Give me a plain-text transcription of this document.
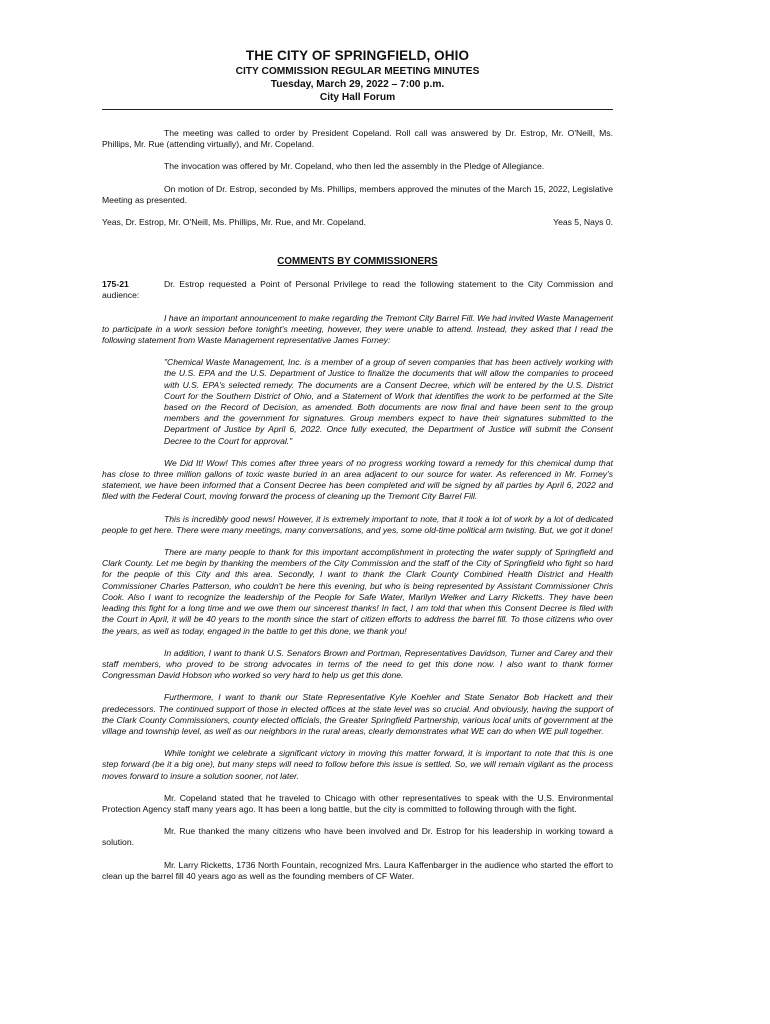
THE CITY OF SPRINGFIELD, OHIO
CITY COMMISSION REGULAR MEETING MINUTES
Tuesday, March 29, 2022 – 7:00 p.m.
City Hall Forum

The meeting was called to order by President Copeland. Roll call was answered by Dr. Estrop, Mr. O'Neill, Ms. Phillips, Mr. Rue (attending virtually), and Mr. Copeland.

The invocation was offered by Mr. Copeland, who then led the assembly in the Pledge of Allegiance.

On motion of Dr. Estrop, seconded by Ms. Phillips, members approved the minutes of the March 15, 2022, Legislative Meeting as presented.

Yeas, Dr. Estrop, Mr. O'Neill, Ms. Phillips, Mr. Rue, and Mr. Copeland.	Yeas 5, Nays 0.
COMMENTS BY COMMISSIONERS

175-21	Dr. Estrop requested a Point of Personal Privilege to read the following statement to the City Commission and audience:

I have an important announcement to make regarding the Tremont City Barrel Fill. We had invited Waste Management to participate in a work session before tonight's meeting, however, they were unable to attend. Instead, they asked that I read the following statement from Waste Management representative James Forney:

"Chemical Waste Management, Inc. is a member of a group of seven companies that has been actively working with the U.S. EPA and the U.S. Department of Justice to finalize the documents that will allow the companies to proceed with U.S. EPA's selected remedy. The documents are a Consent Decree, which will be entered by the U.S. District Court for the Southern District of Ohio, and a Statement of Work that identifies the work to be performed at the Site based on the Record of Decision, as amended. Both documents are now final and have been sent to the group members and the government for signatures. Group members expect to have their signatures submitted to the Department of Justice by April 6, 2022. Once fully executed, the Department of Justice will submit the Consent Decree to the Court for approval."

We Did It! Wow! This comes after three years of no progress working toward a remedy for this chemical dump that has close to three million gallons of toxic waste buried in an area adjacent to our source for water. As referenced in Mr. Forney's statement, we have been informed that a Consent Decree has been completed and will be signed by all parties by April 6, 2022 and filed with the Federal Court, moving forward the process of cleaning up the Tremont City Barrel Fill.

This is incredibly good news! However, it is extremely important to note, that it took a lot of work by a lot of dedicated people to get here. There were many meetings, many conversations, and yes, some old-time political arm twisting. But, we got it done!

There are many people to thank for this important accomplishment in protecting the water supply of Springfield and Clark County. Let me begin by thanking the members of the City Commission and the staff of the City of Springfield who fight so hard for the people of this City and this area. Secondly, I want to thank the Clark County Combined Health District and Health Commissioner Charles Patterson, who couldn't be here this evening, but who is being represented by Assistant Commissioner Chris Cook. Also I want to recognize the leadership of the People for Safe Water, Marilyn Welker and Larry Ricketts. They have been leading this fight for a long time and we owe them our sincerest thanks! In fact, I am told that when this Consent Decree is filed with the Court in April, it will be 40 years to the month since the start of citizen efforts to address the barrel fill. To those citizens who over the years, as well as today, engaged in the battle to get this done, we thank you!

In addition, I want to thank U.S. Senators Brown and Portman, Representatives Davidson, Turner and Carey and their staff members, who proved to be strong advocates in terms of the need to get this done now. I also want to thank former Congressman David Hobson who worked so very hard to help us get this done.

Furthermore, I want to thank our State Representative Kyle Koehler and State Senator Bob Hackett and their predecessors. The continued support of those in elected offices at the state level was so crucial. And obviously, having the support of the Clark County Commissioners, county elected officials, the Greater Springfield Partnership, various local units of government at the village and township level, as well as our neighbors in the rural areas, clearly demonstrates what WE can do when WE pull together.

While tonight we celebrate a significant victory in moving this matter forward, it is important to note that this is one step forward (be it a big one), but many steps will need to follow before this issue is settled. So, we will remain vigilant as the process moves forward to insure a solution sooner, not later.

Mr. Copeland stated that he traveled to Chicago with other representatives to speak with the U.S. Environmental Protection Agency staff many years ago. It has been a long battle, but the city is committed to following through with the fight.

Mr. Rue thanked the many citizens who have been involved and Dr. Estrop for his leadership in working toward a solution.

Mr. Larry Ricketts, 1736 North Fountain, recognized Mrs. Laura Kaffenbarger in the audience who started the effort to clean up the barrel fill 40 years ago as well as the founding members of CF Water.
